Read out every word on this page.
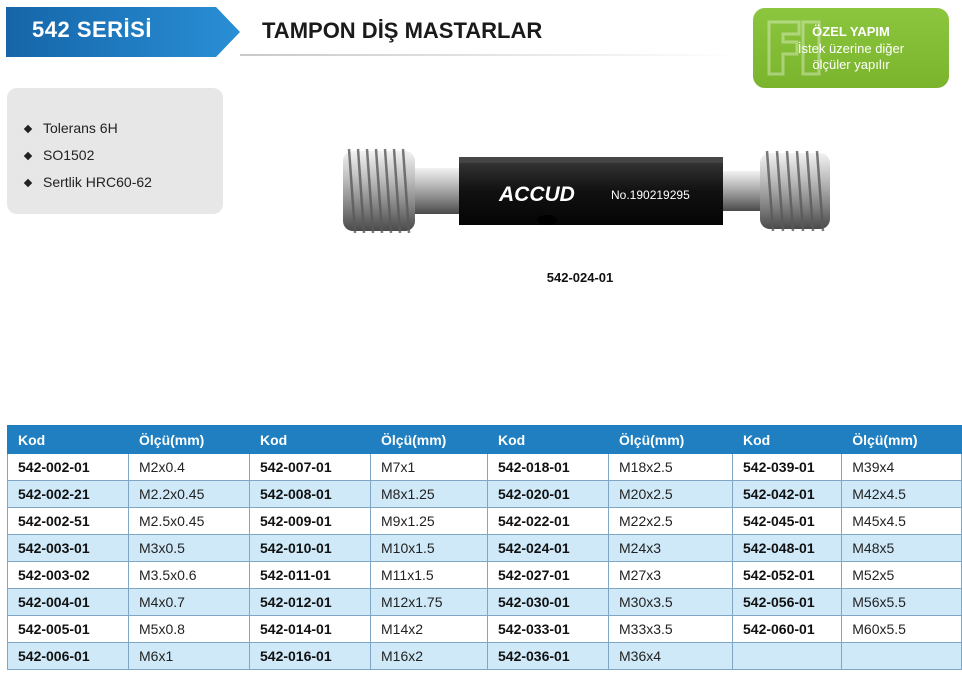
542 SERİSİ	TAMPON DİŞ MASTARLAR	ÖZEL YAPIM
İstek üzerine diğer
ölçüler yapılır
Tolerans 6H
SO1502
Sertlik HRC60-62
ACCUD	No.190219295
542-024-01
Kod	Ölçü(mm)
542-002-01	M2x0.4
542-002-21	M2.2x0.45
542-002-51	M2.5x0.45
542-003-01	M3x0.5
542-003-02	M3.5x0.6
542-004-01	M4x0.7
542-005-01	M5x0.8
542-006-01	M6x1
Kod	Ölçü(mm)
542-007-01	M7x1
542-008-01	M8x1.25
542-009-01	M9x1.25
542-010-01	M10x1.5
542-011-01	M11x1.5
542-012-01	M12x1.75
542-014-01	M14x2
542-016-01	M16x2
Kod	Ölçü(mm)
542-018-01	M18x2.5
542-020-01	M20x2.5
542-022-01	M22x2.5
542-024-01	M24x3
542-027-01	M27x3
542-030-01	M30x3.5
542-033-01	M33x3.5
542-036-01	M36x4
Kod	Ölçü(mm)
542-039-01	M39x4
542-042-01	M42x4.5
542-045-01	M45x4.5
542-048-01	M48x5
542-052-01	M52x5
542-056-01	M56x5.5
542-060-01	M60x5.5
